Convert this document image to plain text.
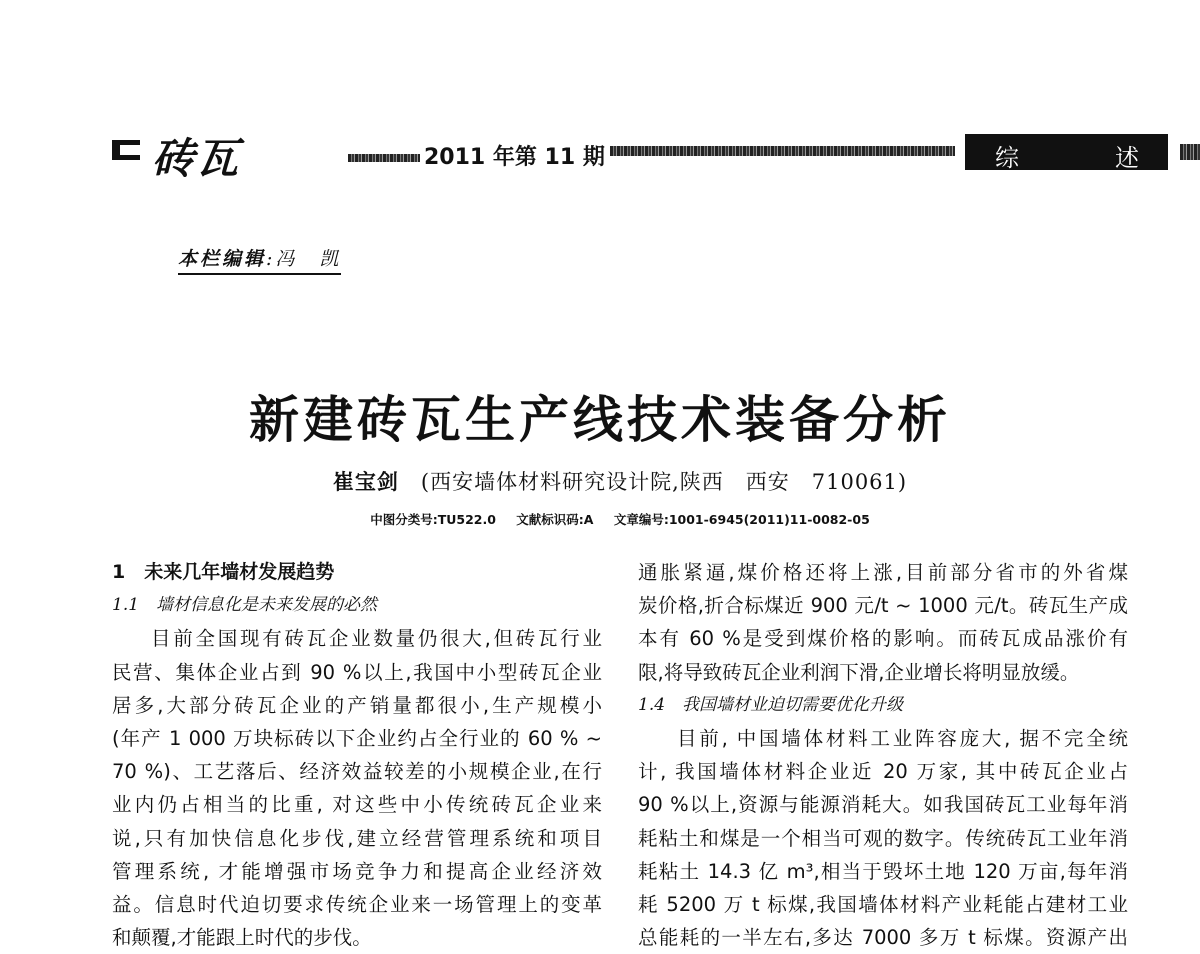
砖瓦	2011 年第 11 期	综	述
本栏编辑:冯　凯
新建砖瓦生产线技术装备分析
崔宝剑 (西安墙体材料研究设计院,陕西　西安　710061)
中图分类号:TU522.0 文献标识码:A 文章编号:1001-6945(2011)11-0082-05
1　未来几年墙材发展趋势
1.1　墙材信息化是未来发展的必然

目前全国现有砖瓦企业数量仍很大,但砖瓦行业

民营、集体企业占到 90 %以上,我国中小型砖瓦企业

居多,大部分砖瓦企业的产销量都很小,生产规模小

(年产 1 000 万块标砖以下企业约占全行业的 60 % ~

70 %)、工艺落后、经济效益较差的小规模企业,在行

业内仍占相当的比重, 对这些中小传统砖瓦企业来

说,只有加快信息化步伐,建立经营管理系统和项目

管理系统, 才能增强市场竞争力和提高企业经济效

益。信息时代迫切要求传统企业来一场管理上的变革

和颠覆,才能跟上时代的步伐。

通胀紧逼,煤价格还将上涨,目前部分省市的外省煤

炭价格,折合标煤近 900 元/t ~ 1000 元/t。砖瓦生产成

本有 60 %是受到煤价格的影响。而砖瓦成品涨价有

限,将导致砖瓦企业利润下滑,企业增长将明显放缓。

1.4　我国墙材业迫切需要优化升级

目前, 中国墙体材料工业阵容庞大, 据不完全统

计, 我国墙体材料企业近 20 万家, 其中砖瓦企业占

90 %以上,资源与能源消耗大。如我国砖瓦工业每年消

耗粘土和煤是一个相当可观的数字。传统砖瓦工业年消

耗粘土 14.3 亿 m³,相当于毁坏土地 120 万亩,每年消

耗 5200 万 t 标煤,我国墙体材料产业耗能占建材工业

总能耗的一半左右,多达 7000 多万 t 标煤。资源产出
